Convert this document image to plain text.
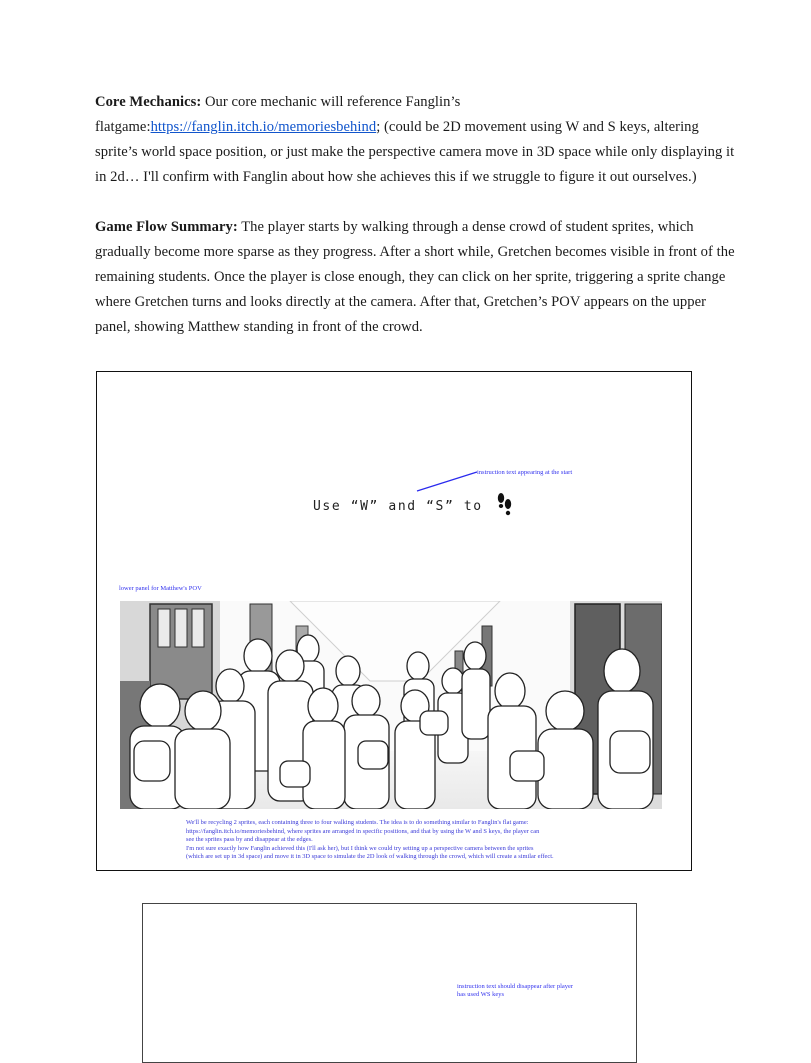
Core Mechanics: Our core mechanic will reference Fanglin’s flatgame:https://fanglin.itch.io/memoriesbehind; (could be 2D movement using W and S keys, altering sprite’s world space position, or just make the perspective camera move in 3D space while only displaying it in 2d… I'll confirm with Fanglin about how she achieves this if we struggle to figure it out ourselves.)
Game Flow Summary: The player starts by walking through a dense crowd of student sprites, which gradually become more sparse as they progress. After a short while, Gretchen becomes visible in front of the remaining students. Once the player is close enough, they can click on her sprite, triggering a sprite change where Gretchen turns and looks directly at the camera. After that, Gretchen’s POV appears on the upper panel, showing Matthew standing in front of the crowd.
Use “W” and “S” to
instruction text appearing at the start
lower panel for Matthew's POV
We'll be recycling 2 sprites, each containing three to four walking students. The idea is to do something similar to Fanglin's flat game:
https://fanglin.itch.io/memoriesbehind, where sprites are arranged in specific positions, and that by using the W and S keys, the player can
see the sprites pass by and disappear at the edges.
I'm not sure exactly how Fanglin achieved this (I'll ask her), but I think we could try setting up a perspective camera between the sprites
(which are set up in 3d space) and move it in 3D space to simulate the 2D look of walking through the crowd, which will create a similar effect.
instruction text should disappear after player
has used WS keys
